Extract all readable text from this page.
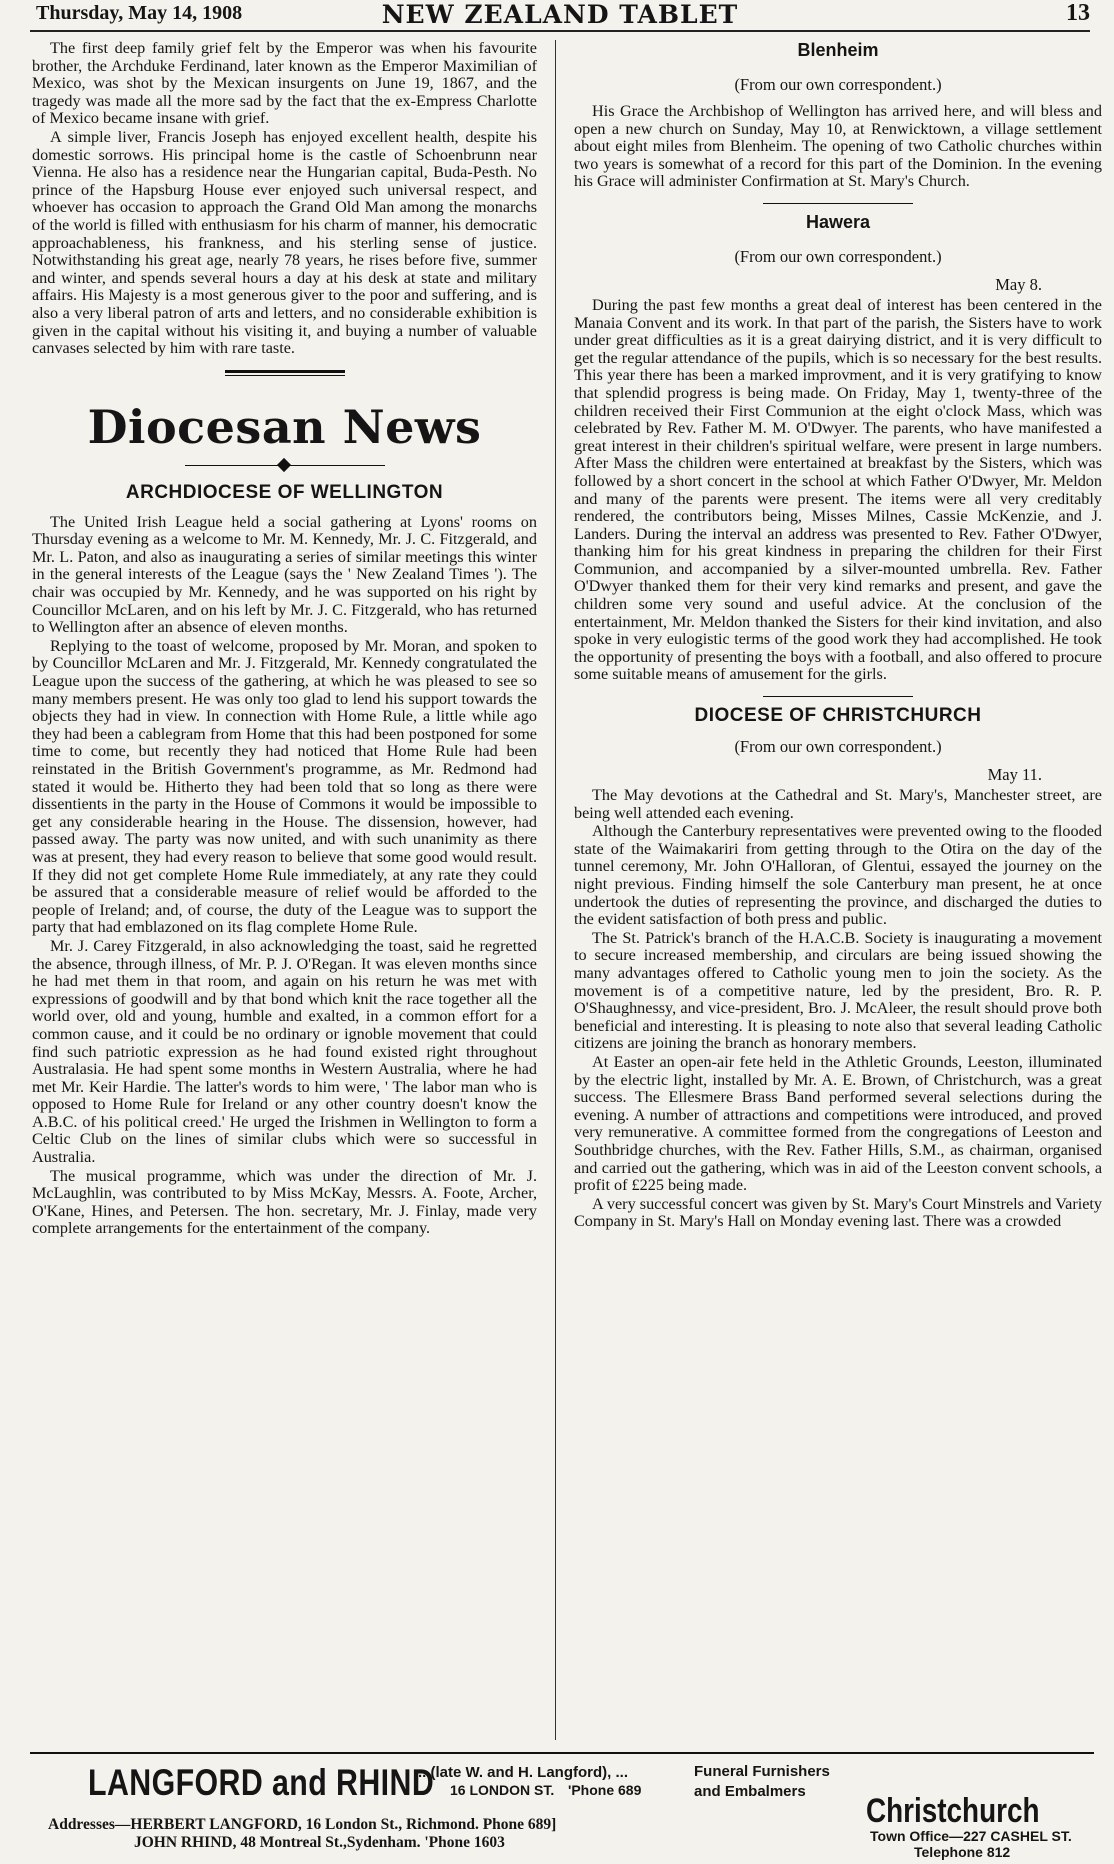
Thursday, May 14, 1908	NEW ZEALAND TABLET	13

The first deep family grief felt by the Emperor was when his favourite brother, the Archduke Ferdinand, later known as the Emperor Maximilian of Mexico, was shot by the Mexican insurgents on June 19, 1867, and the tragedy was made all the more sad by the fact that the ex-Empress Charlotte of Mexico became insane with grief.

A simple liver, Francis Joseph has enjoyed excellent health, despite his domestic sorrows. His principal home is the castle of Schoenbrunn near Vienna. He also has a residence near the Hungarian capital, Buda-Pesth. No prince of the Hapsburg House ever enjoyed such universal respect, and whoever has occasion to approach the Grand Old Man among the monarchs of the world is filled with enthusiasm for his charm of manner, his democratic approachableness, his frankness, and his sterling sense of justice. Notwithstanding his great age, nearly 78 years, he rises before five, summer and winter, and spends several hours a day at his desk at state and military affairs. His Majesty is a most generous giver to the poor and suffering, and is also a very liberal patron of arts and letters, and no considerable exhibition is given in the capital without his visiting it, and buying a number of valuable canvases selected by him with rare taste.

Diocesan News
ARCHDIOCESE OF WELLINGTON

The United Irish League held a social gathering at Lyons' rooms on Thursday evening as a welcome to Mr. M. Kennedy, Mr. J. C. Fitzgerald, and Mr. L. Paton, and also as inaugurating a series of similar meetings this winter in the general interests of the League (says the ' New Zealand Times '). The chair was occupied by Mr. Kennedy, and he was supported on his right by Councillor McLaren, and on his left by Mr. J. C. Fitzgerald, who has returned to Wellington after an absence of eleven months.

Replying to the toast of welcome, proposed by Mr. Moran, and spoken to by Councillor McLaren and Mr. J. Fitzgerald, Mr. Kennedy congratulated the League upon the success of the gathering, at which he was pleased to see so many members present. He was only too glad to lend his support towards the objects they had in view. In connection with Home Rule, a little while ago they had been a cablegram from Home that this had been postponed for some time to come, but recently they had noticed that Home Rule had been reinstated in the British Government's programme, as Mr. Redmond had stated it would be. Hitherto they had been told that so long as there were dissentients in the party in the House of Commons it would be impossible to get any considerable hearing in the House. The dissension, however, had passed away. The party was now united, and with such unanimity as there was at present, they had every reason to believe that some good would result. If they did not get complete Home Rule immediately, at any rate they could be assured that a considerable measure of relief would be afforded to the people of Ireland; and, of course, the duty of the League was to support the party that had emblazoned on its flag complete Home Rule.

Mr. J. Carey Fitzgerald, in also acknowledging the toast, said he regretted the absence, through illness, of Mr. P. J. O'Regan. It was eleven months since he had met them in that room, and again on his return he was met with expressions of goodwill and by that bond which knit the race together all the world over, old and young, humble and exalted, in a common effort for a common cause, and it could be no ordinary or ignoble movement that could find such patriotic expression as he had found existed right throughout Australasia. He had spent some months in Western Australia, where he had met Mr. Keir Hardie. The latter's words to him were, ' The labor man who is opposed to Home Rule for Ireland or any other country doesn't know the A.B.C. of his political creed.' He urged the Irishmen in Wellington to form a Celtic Club on the lines of similar clubs which were so successful in Australia.

The musical programme, which was under the direction of Mr. J. McLaughlin, was contributed to by Miss McKay, Messrs. A. Foote, Archer, O'Kane, Hines, and Petersen. The hon. secretary, Mr. J. Finlay, made very complete arrangements for the entertainment of the company.

Blenheim
(From our own correspondent.)

His Grace the Archbishop of Wellington has arrived here, and will bless and open a new church on Sunday, May 10, at Renwicktown, a village settlement about eight miles from Blenheim. The opening of two Catholic churches within two years is somewhat of a record for this part of the Dominion. In the evening his Grace will administer Confirmation at St. Mary's Church.

Hawera
(From our own correspondent.)
May 8.

During the past few months a great deal of interest has been centered in the Manaia Convent and its work. In that part of the parish, the Sisters have to work under great difficulties as it is a great dairying district, and it is very difficult to get the regular attendance of the pupils, which is so necessary for the best results. This year there has been a marked improvment, and it is very gratifying to know that splendid progress is being made. On Friday, May 1, twenty-three of the children received their First Communion at the eight o'clock Mass, which was celebrated by Rev. Father M. M. O'Dwyer. The parents, who have manifested a great interest in their children's spiritual welfare, were present in large numbers. After Mass the children were entertained at breakfast by the Sisters, which was followed by a short concert in the school at which Father O'Dwyer, Mr. Meldon and many of the parents were present. The items were all very creditably rendered, the contributors being, Misses Milnes, Cassie McKenzie, and J. Landers. During the interval an address was presented to Rev. Father O'Dwyer, thanking him for his great kindness in preparing the children for their First Communion, and accompanied by a silver-mounted umbrella. Rev. Father O'Dwyer thanked them for their very kind remarks and present, and gave the children some very sound and useful advice. At the conclusion of the entertainment, Mr. Meldon thanked the Sisters for their kind invitation, and also spoke in very eulogistic terms of the good work they had accomplished. He took the opportunity of presenting the boys with a football, and also offered to procure some suitable means of amusement for the girls.

DIOCESE OF CHRISTCHURCH
(From our own correspondent.)
May 11.

The May devotions at the Cathedral and St. Mary's, Manchester street, are being well attended each evening.

Although the Canterbury representatives were prevented owing to the flooded state of the Waimakariri from getting through to the Otira on the day of the tunnel ceremony, Mr. John O'Halloran, of Glentui, essayed the journey on the night previous. Finding himself the sole Canterbury man present, he at once undertook the duties of representing the province, and discharged the duties to the evident satisfaction of both press and public.

The St. Patrick's branch of the H.A.C.B. Society is inaugurating a movement to secure increased membership, and circulars are being issued showing the many advantages offered to Catholic young men to join the society. As the movement is of a competitive nature, led by the president, Bro. R. P. O'Shaughnessy, and vice-president, Bro. J. McAleer, the result should prove both beneficial and interesting. It is pleasing to note also that several leading Catholic citizens are joining the branch as honorary members.

At Easter an open-air fete held in the Athletic Grounds, Leeston, illuminated by the electric light, installed by Mr. A. E. Brown, of Christchurch, was a great success. The Ellesmere Brass Band performed several selections during the evening. A number of attractions and competitions were introduced, and proved very remunerative. A committee formed from the congregations of Leeston and Southbridge churches, with the Rev. Father Hills, S.M., as chairman, organised and carried out the gathering, which was in aid of the Leeston convent schools, a profit of £225 being made.

A very successful concert was given by St. Mary's Court Minstrels and Variety Company in St. Mary's Hall on Monday evening last. There was a crowded

LANGFORD and RHIND
...(late W. and H. Langford), ...
16 LONDON ST. 'Phone 689
Funeral Furnishers and Embalmers
Christchurch
Addresses—HERBERT LANGFORD, 16 London St., Richmond. Phone 689]
JOHN RHIND, 48 Montreal St.,Sydenham. 'Phone 1603	Town Office—227 CASHEL ST.
Telephone 812
